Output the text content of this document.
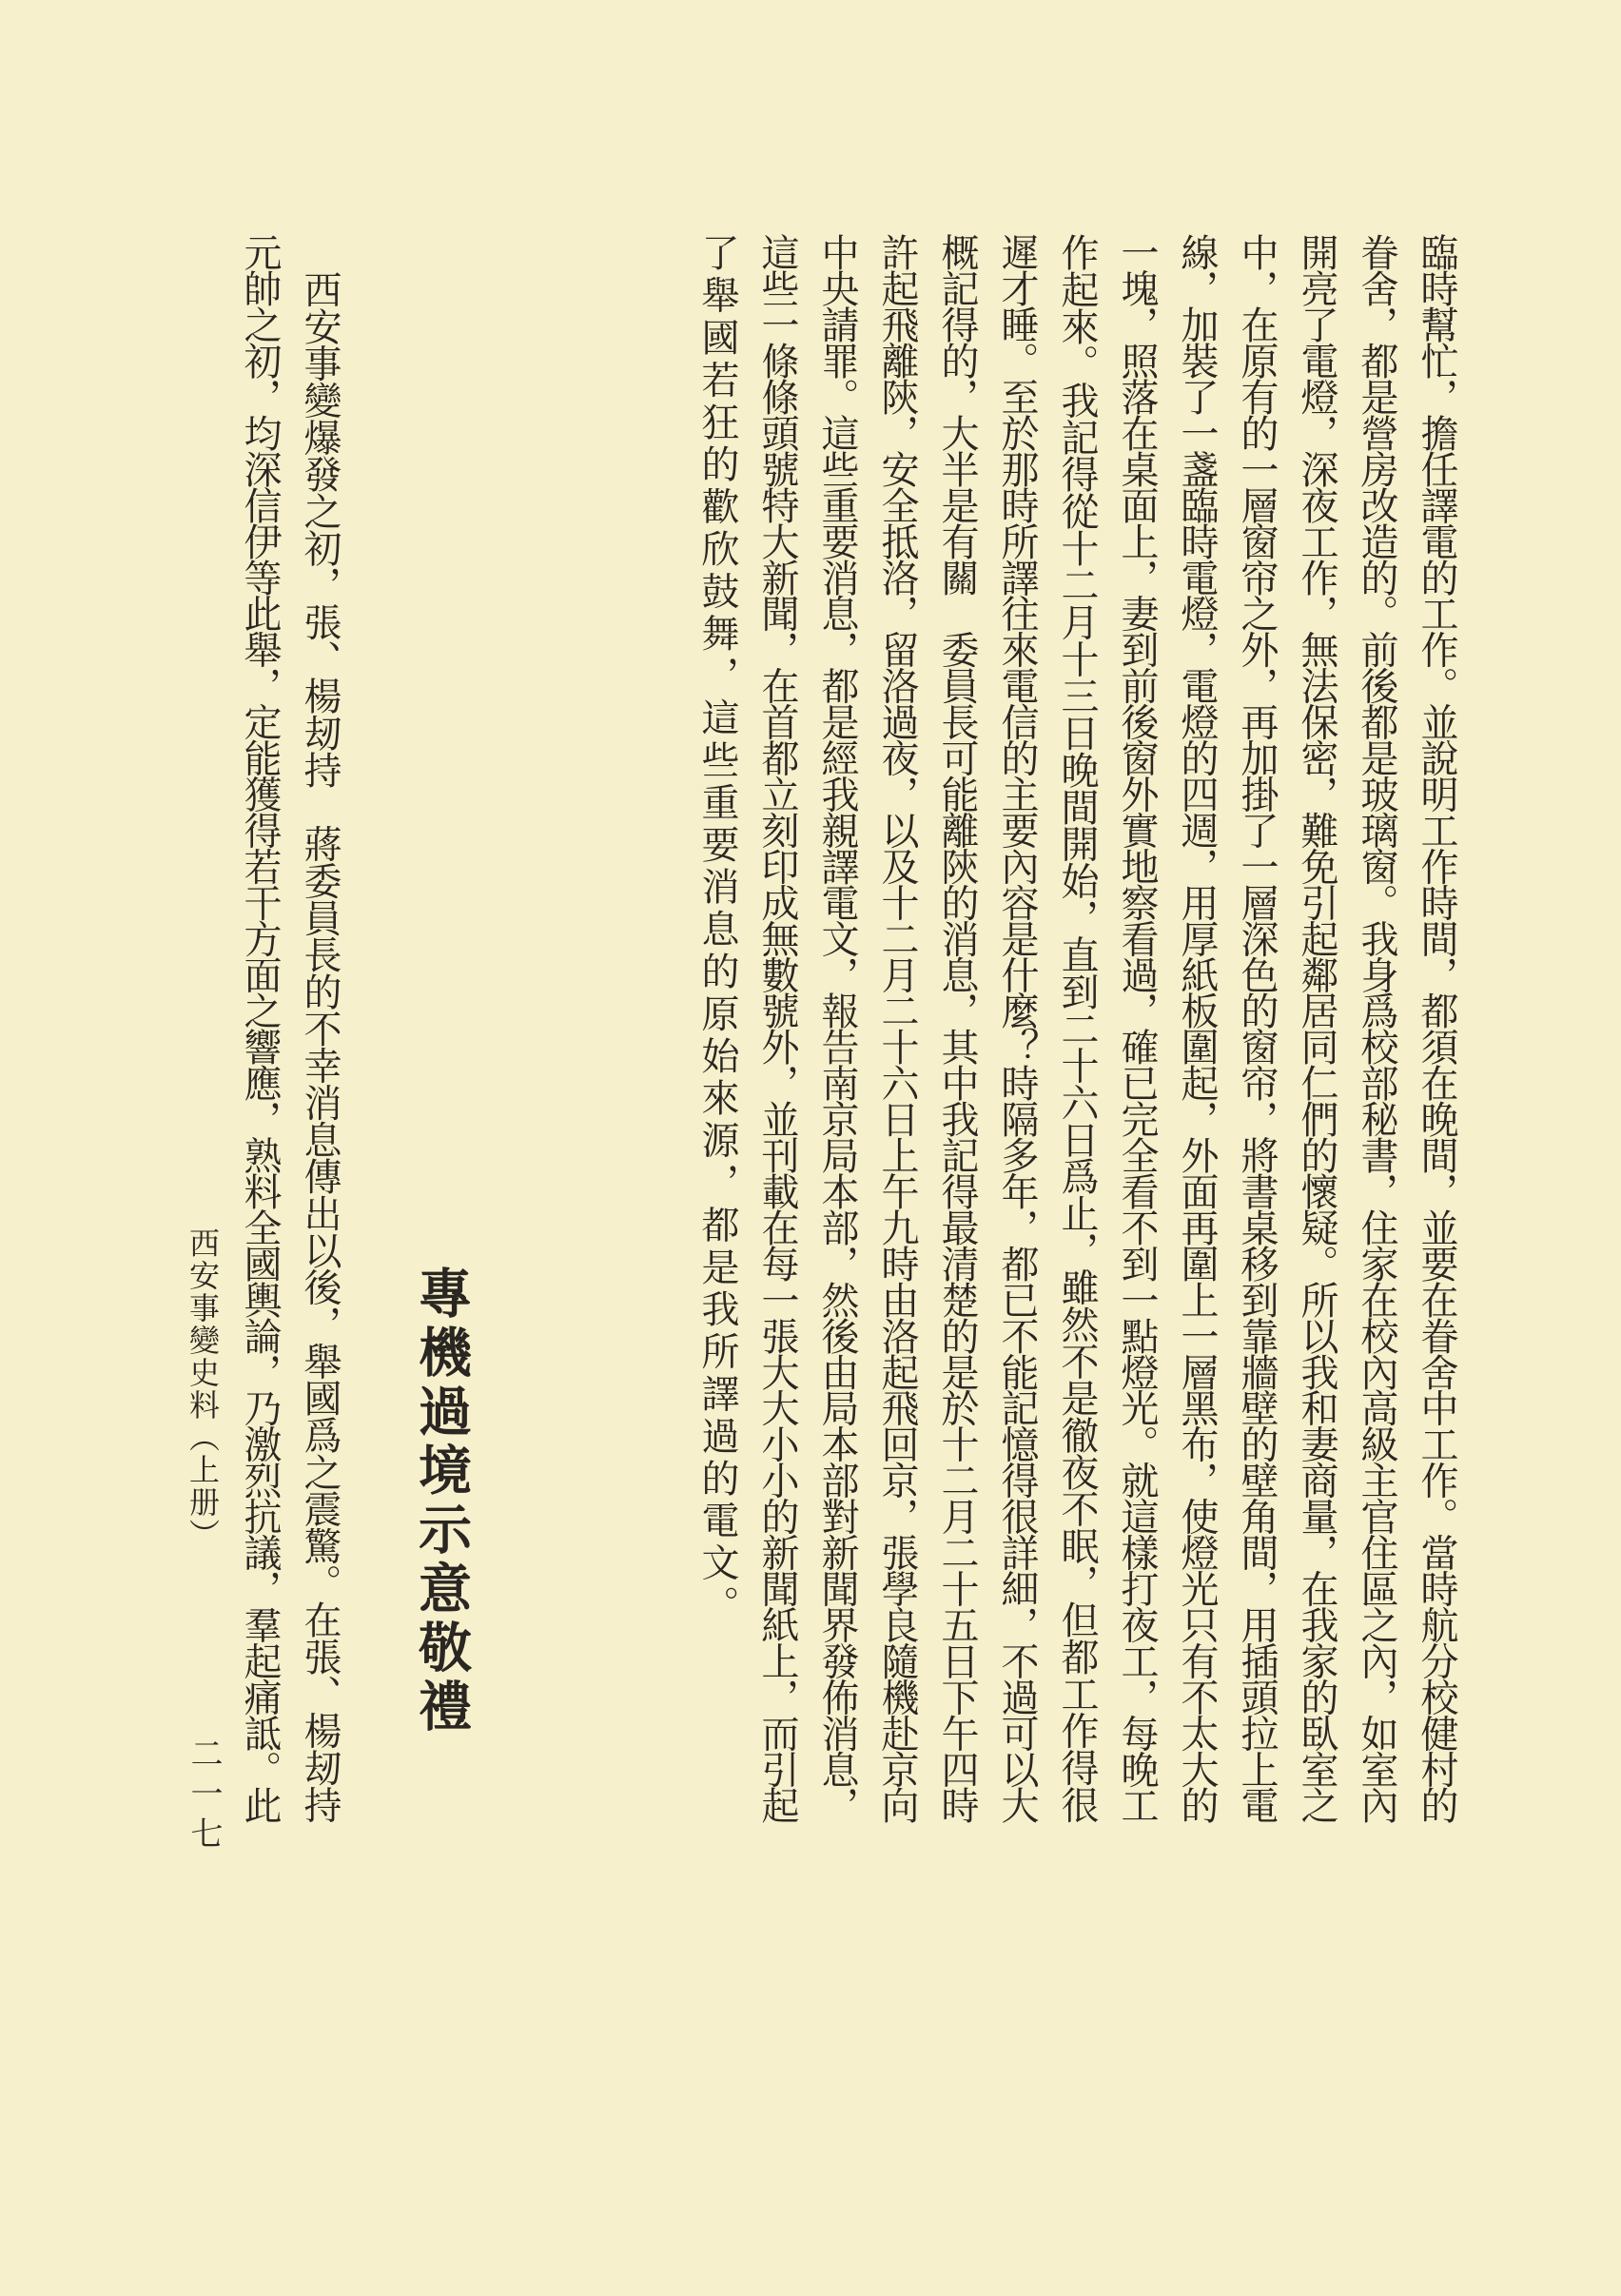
臨時幫忙，擔任譯電的工作。並說明工作時間，都須在晚間，並要在眷舍中工作。當時航分校健村的
眷舍，都是營房改造的。前後都是玻璃窗。我身爲校部秘書，住家在校內高級主官住區之內，如室內
開亮了電燈，深夜工作，無法保密，難免引起鄰居同仁們的懷疑。所以我和妻商量，在我家的臥室之
中，在原有的一層窗帘之外，再加掛了一層深色的窗帘，將書桌移到靠牆壁的壁角間，用插頭拉上電
線，加裝了一盞臨時電燈，電燈的四週，用厚紙板圍起，外面再圍上一層黑布，使燈光只有不太大的
一塊，照落在桌面上，妻到前後窗外實地察看過，確已完全看不到一點燈光。就這樣打夜工，每晚工
作起來。我記得從十二月十三日晚間開始，直到二十六日爲止，雖然不是徹夜不眠，但都工作得很
遲才睡。至於那時所譯往來電信的主要內容是什麼？時隔多年，都已不能記憶得很詳細，不過可以大
概記得的，大半是有關　委員長可能離陝的消息，其中我記得最清楚的是於十二月二十五日下午四時
許起飛離陝，安全抵洛，留洛過夜，以及十二月二十六日上午九時由洛起飛回京，張學良隨機赴京向
中央請罪。這些重要消息，都是經我親譯電文，報告南京局本部，然後由局本部對新聞界發佈消息，
這些一條條頭號特大新聞，在首都立刻印成無數號外，並刊載在每一張大大小小的新聞紙上，而引起
了舉國若狂的歡欣鼓舞，這些重要消息的原始來源，都是我所譯過的電文。
專機過境示意敬禮
　西安事變爆發之初，張、楊刼持　蔣委員長的不幸消息傳出以後，舉國爲之震驚。在張、楊刼持
元帥之初，均深信伊等此舉，定能獲得若干方面之響應，熟料全國輿論，乃激烈抗議，羣起痛詆。此
西安事變史料（上册）
二一七
